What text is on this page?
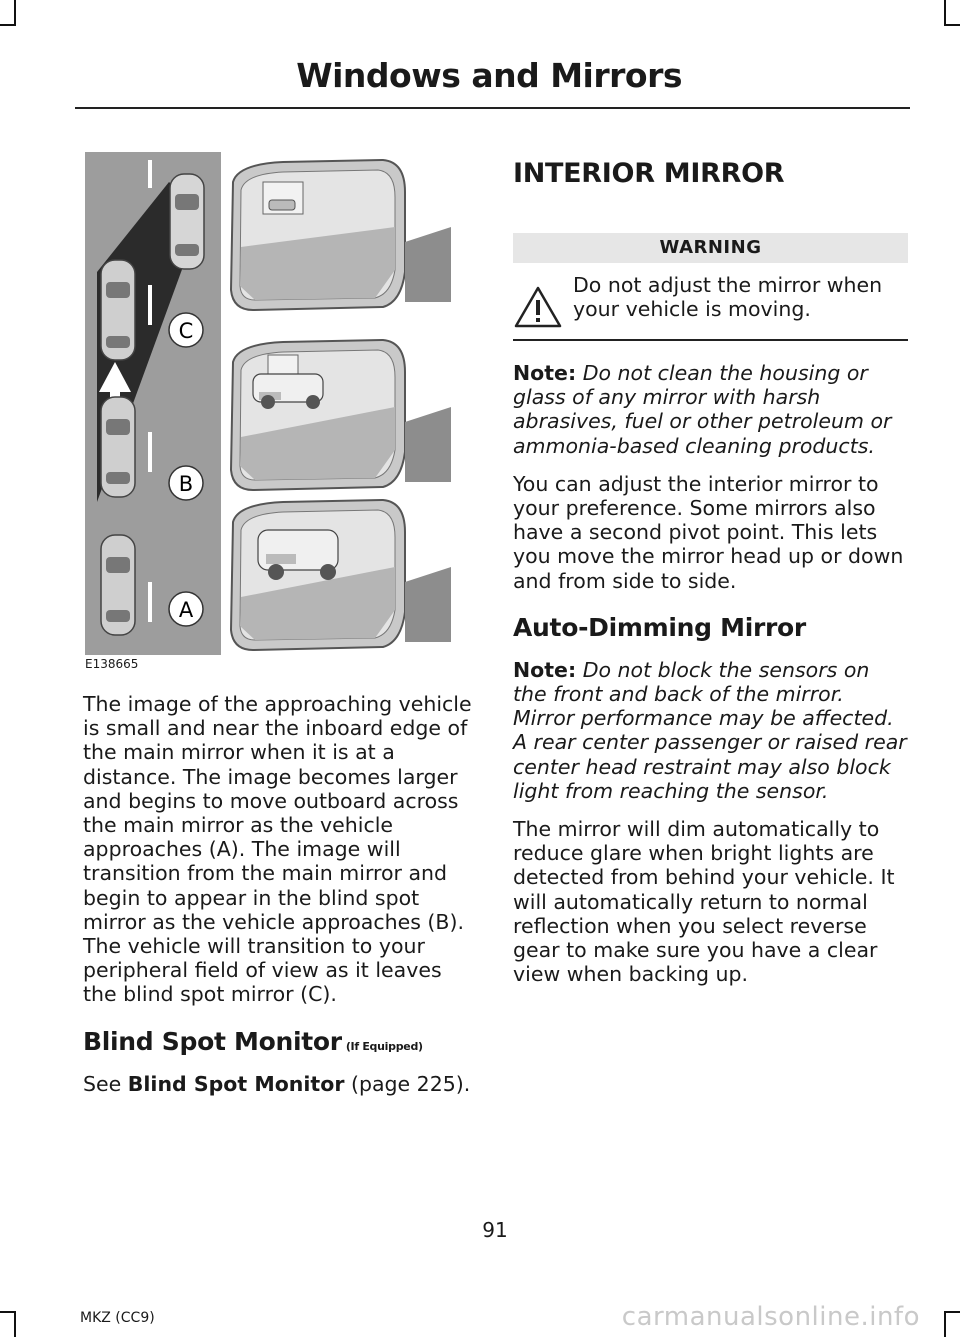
Windows and Mirrors
C
B
A
E138665

The image of the approaching vehicle is small and near the inboard edge of the main mirror when it is at a distance. The image becomes larger and begins to move outboard across the main mirror as the vehicle approaches (A). The image will transition from the main mirror and begin to appear in the blind spot mirror as the vehicle approaches (B). The vehicle will transition to your peripheral field of view as it leaves the blind spot mirror (C).

Blind Spot Monitor (If Equipped)

See Blind Spot Monitor (page 225).

INTERIOR MIRROR
WARNING

Do not adjust the mirror when your vehicle is moving.

Note: Do not clean the housing or glass of any mirror with harsh abrasives, fuel or other petroleum or ammonia-based cleaning products.

You can adjust the interior mirror to your preference. Some mirrors also have a second pivot point. This lets you move the mirror head up or down and from side to side.

Auto-Dimming Mirror

Note: Do not block the sensors on the front and back of the mirror. Mirror performance may be affected. A rear center passenger or raised rear center head restraint may also block light from reaching the sensor.

The mirror will dim automatically to reduce glare when bright lights are detected from behind your vehicle. It will automatically return to normal reflection when you select reverse gear to make sure you have a clear view when backing up.

91
MKZ (CC9)	carmanualsonline.info
